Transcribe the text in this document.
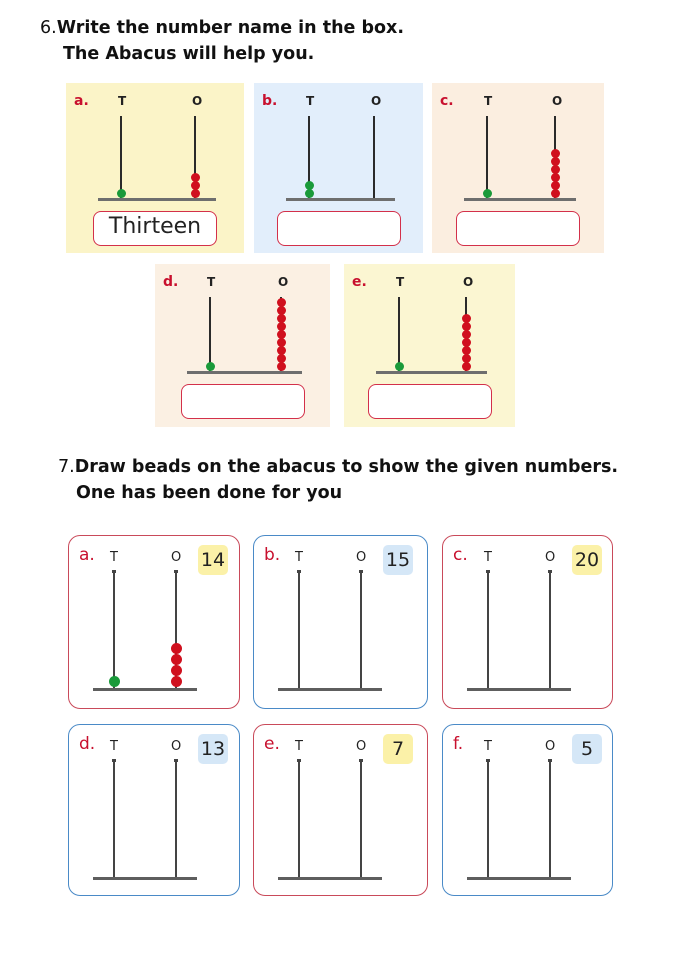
6.Write the number name in the box.
The Abacus will help you.
a. T	O
Thirteen
b. T	O	c.	T	O
d. T	O	e. T	O
7.Draw beads on the abacus to show the given numbers.
One has been done for you
a. T	O 14 b. T	O 15	c. T	O 20
d. T	O 13 e. T	O	7	f. T	O	5
